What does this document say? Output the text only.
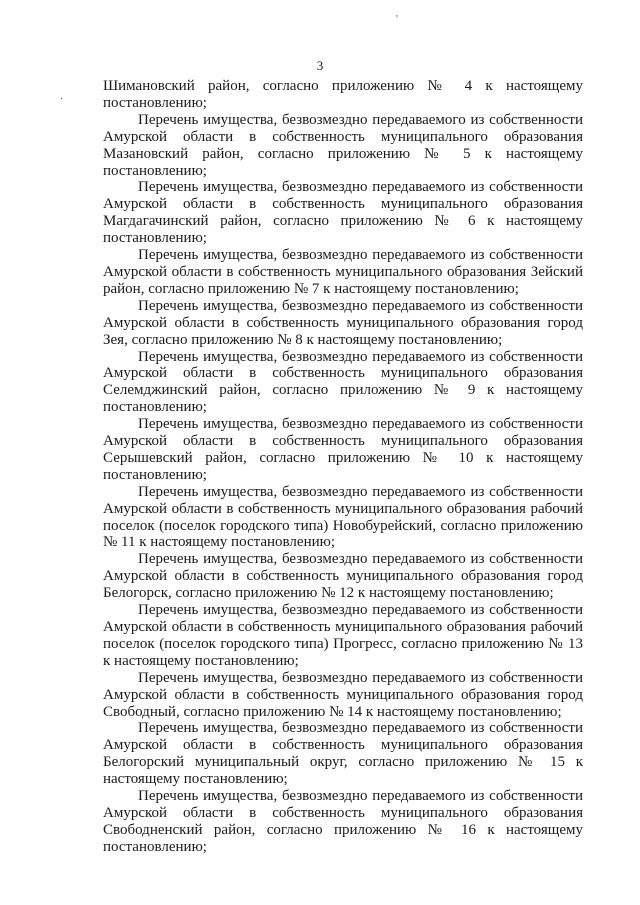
'
·
3

Шимановский район, согласно приложению № 4 к настоящему постановлению;

Перечень имущества, безвозмездно передаваемого из собственности Амурской области в собственность муниципального образования Мазановский район, согласно приложению № 5 к настоящему постановлению;

Перечень имущества, безвозмездно передаваемого из собственности Амурской области в собственность муниципального образования Магдагачинский район, согласно приложению № 6 к настоящему постановлению;

Перечень имущества, безвозмездно передаваемого из собственности Амурской области в собственность муниципального образования Зейский район, согласно приложению № 7 к настоящему постановлению;

Перечень имущества, безвозмездно передаваемого из собственности Амурской области в собственность муниципального образования город Зея, согласно приложению № 8 к настоящему постановлению;

Перечень имущества, безвозмездно передаваемого из собственности Амурской области в собственность муниципального образования Селемджинский район, согласно приложению № 9 к настоящему постановлению;

Перечень имущества, безвозмездно передаваемого из собственности Амурской области в собственность муниципального образования Серышевский район, согласно приложению № 10 к настоящему постановлению;

Перечень имущества, безвозмездно передаваемого из собственности Амурской области в собственность муниципального образования рабочий поселок (поселок городского типа) Новобурейский, согласно приложению № 11 к настоящему постановлению;

Перечень имущества, безвозмездно передаваемого из собственности Амурской области в собственность муниципального образования город Белогорск, согласно приложению № 12 к настоящему постановлению;

Перечень имущества, безвозмездно передаваемого из собственности Амурской области в собственность муниципального образования рабочий поселок (поселок городского типа) Прогресс, согласно приложению № 13 к настоящему постановлению;

Перечень имущества, безвозмездно передаваемого из собственности Амурской области в собственность муниципального образования город Свободный, согласно приложению № 14 к настоящему постановлению;

Перечень имущества, безвозмездно передаваемого из собственности Амурской области в собственность муниципального образования Белогорский муниципальный округ, согласно приложению № 15 к настоящему постановлению;

Перечень имущества, безвозмездно передаваемого из собственности Амурской области в собственность муниципального образования Свободненский район, согласно приложению № 16 к настоящему постановлению;
